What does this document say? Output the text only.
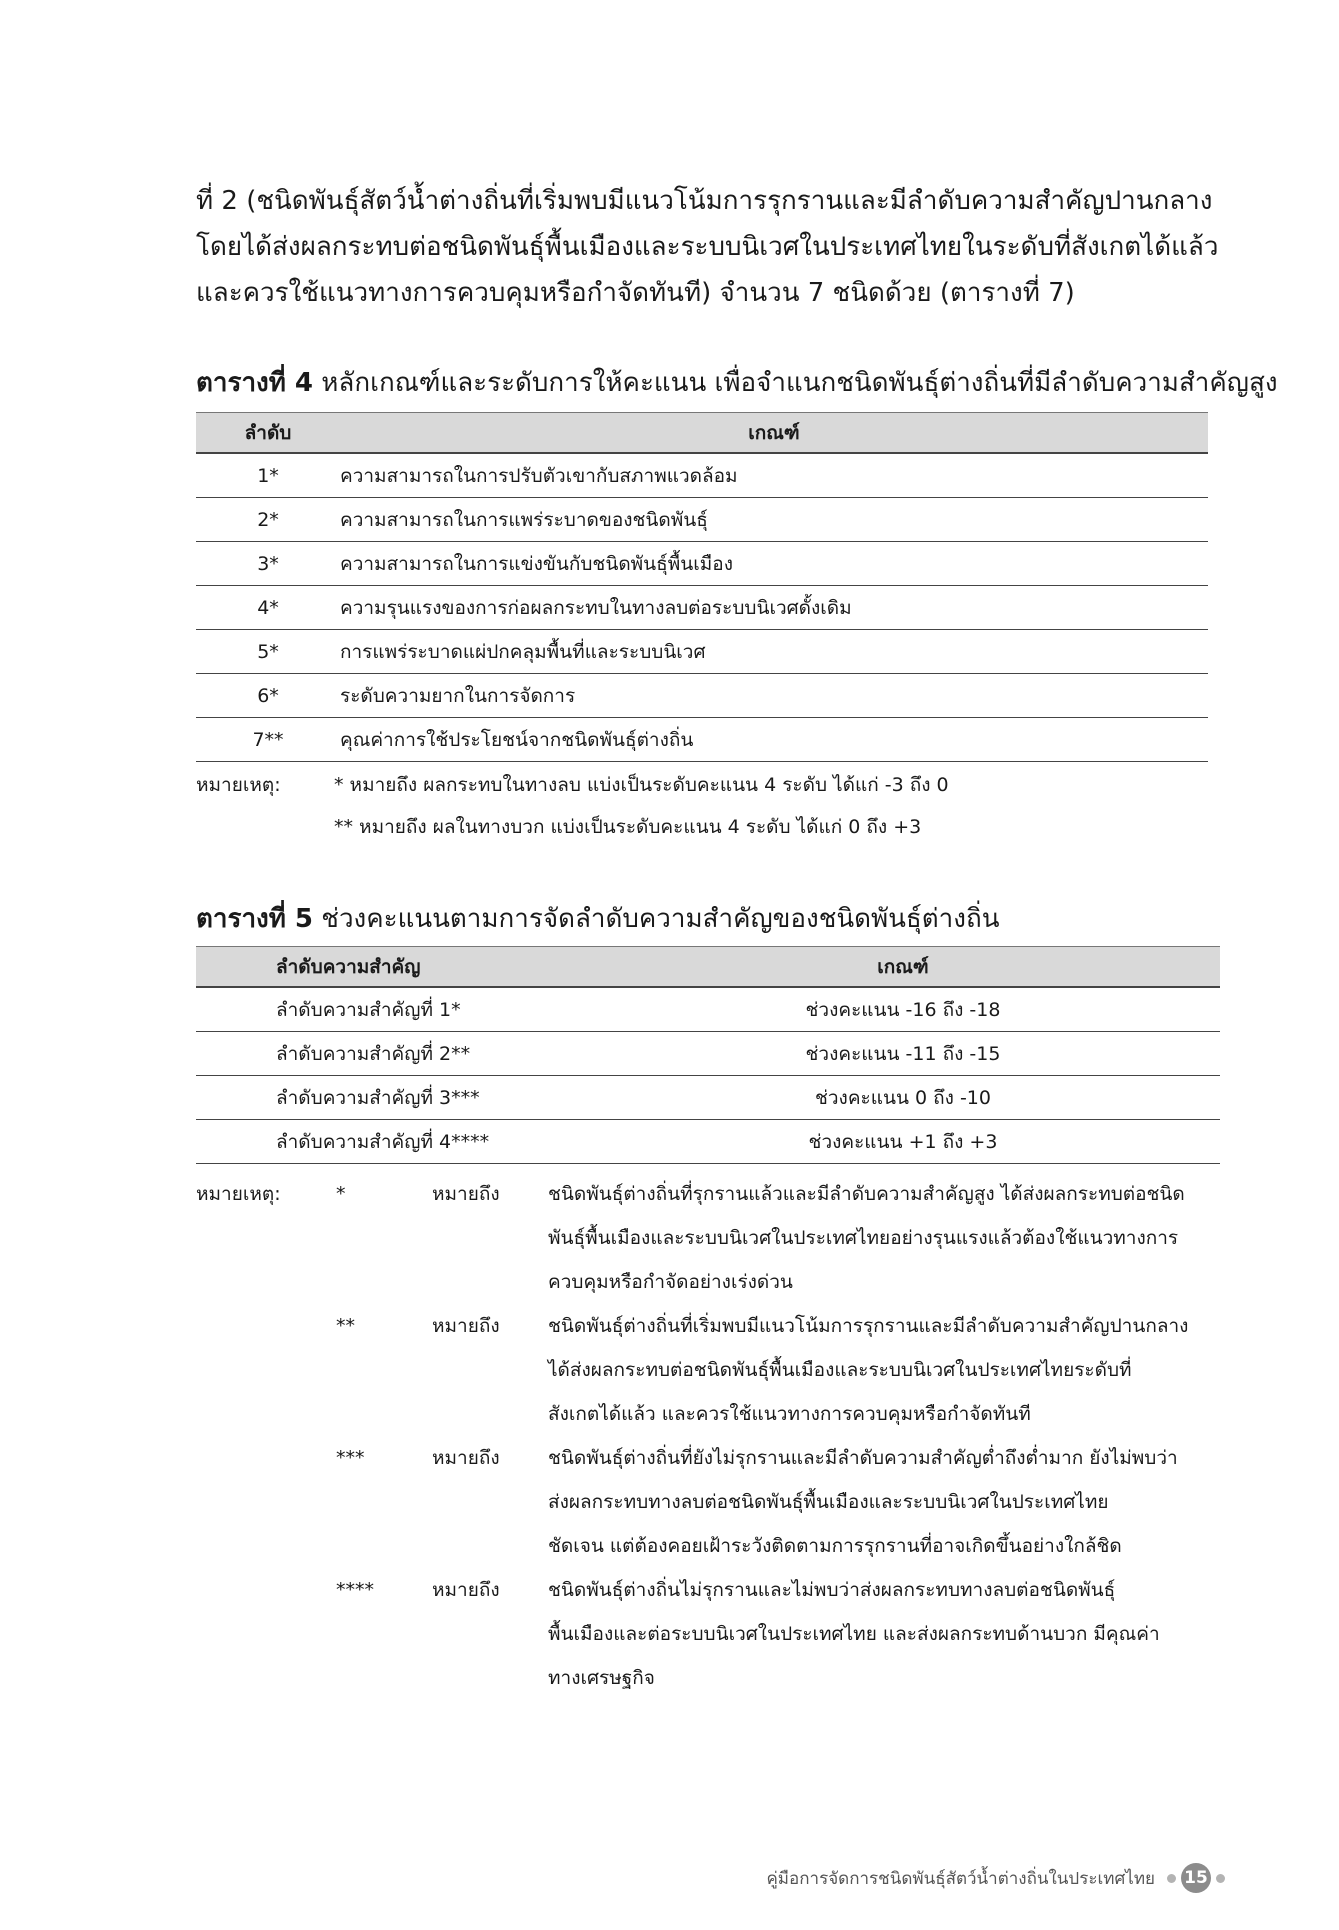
ที่ 2 (ชนิดพันธุ์สัตว์น้ำต่างถิ่นที่เริ่มพบมีแนวโน้มการรุกรานและมีลำดับความสำคัญปานกลาง

โดยได้ส่งผลกระทบต่อชนิดพันธุ์พื้นเมืองและระบบนิเวศในประเทศไทยในระดับที่สังเกตได้แล้ว

และควรใช้แนวทางการควบคุมหรือกำจัดทันที) จำนวน 7 ชนิดด้วย (ตารางที่ 7)

ตารางที่ 4 หลักเกณฑ์และระดับการให้คะแนน เพื่อจำแนกชนิดพันธุ์ต่างถิ่นที่มีลำดับความสำคัญสูง
ลำดับ	เกณฑ์
1*	ความสามารถในการปรับตัวเขากับสภาพแวดล้อม
2*	ความสามารถในการแพร่ระบาดของชนิดพันธุ์
3*	ความสามารถในการแข่งขันกับชนิดพันธุ์พื้นเมือง
4*	ความรุนแรงของการก่อผลกระทบในทางลบต่อระบบนิเวศดั้งเดิม
5*	การแพร่ระบาดแผ่ปกคลุมพื้นที่และระบบนิเวศ
6*	ระดับความยากในการจัดการ
7**	คุณค่าการใช้ประโยชน์จากชนิดพันธุ์ต่างถิ่น
หมายเหตุ:	* หมายถึง ผลกระทบในทางลบ แบ่งเป็นระดับคะแนน 4 ระดับ ได้แก่ -3 ถึง 0
** หมายถึง ผลในทางบวก แบ่งเป็นระดับคะแนน 4 ระดับ ได้แก่ 0 ถึง +3
ตารางที่ 5 ช่วงคะแนนตามการจัดลำดับความสำคัญของชนิดพันธุ์ต่างถิ่น
ลำดับความสำคัญ	เกณฑ์
ลำดับความสำคัญที่ 1*	ช่วงคะแนน -16 ถึง -18
ลำดับความสำคัญที่ 2**	ช่วงคะแนน -11 ถึง -15
ลำดับความสำคัญที่ 3***	ช่วงคะแนน 0 ถึง -10
ลำดับความสำคัญที่ 4****	ช่วงคะแนน +1 ถึง +3
หมายเหตุ:	*	หมายถึง	ชนิดพันธุ์ต่างถิ่นที่รุกรานแล้วและมีลำดับความสำคัญสูง ได้ส่งผลกระทบต่อชนิด
พันธุ์พื้นเมืองและระบบนิเวศในประเทศไทยอย่างรุนแรงแล้วต้องใช้แนวทางการ
ควบคุมหรือกำจัดอย่างเร่งด่วน
**	หมายถึง	ชนิดพันธุ์ต่างถิ่นที่เริ่มพบมีแนวโน้มการรุกรานและมีลำดับความสำคัญปานกลาง
ได้ส่งผลกระทบต่อชนิดพันธุ์พื้นเมืองและระบบนิเวศในประเทศไทยระดับที่
สังเกตได้แล้ว และควรใช้แนวทางการควบคุมหรือกำจัดทันที
***	หมายถึง	ชนิดพันธุ์ต่างถิ่นที่ยังไม่รุกรานและมีลำดับความสำคัญต่ำถึงต่ำมาก ยังไม่พบว่า
ส่งผลกระทบทางลบต่อชนิดพันธุ์พื้นเมืองและระบบนิเวศในประเทศไทย
ชัดเจน แต่ต้องคอยเฝ้าระวังติดตามการรุกรานที่อาจเกิดขึ้นอย่างใกล้ชิด
****	หมายถึง	ชนิดพันธุ์ต่างถิ่นไม่รุกรานและไม่พบว่าส่งผลกระทบทางลบต่อชนิดพันธุ์
พื้นเมืองและต่อระบบนิเวศในประเทศไทย และส่งผลกระทบด้านบวก มีคุณค่า
ทางเศรษฐกิจ
คู่มือการจัดการชนิดพันธุ์สัตว์น้ำต่างถิ่นในประเทศไทย 15
